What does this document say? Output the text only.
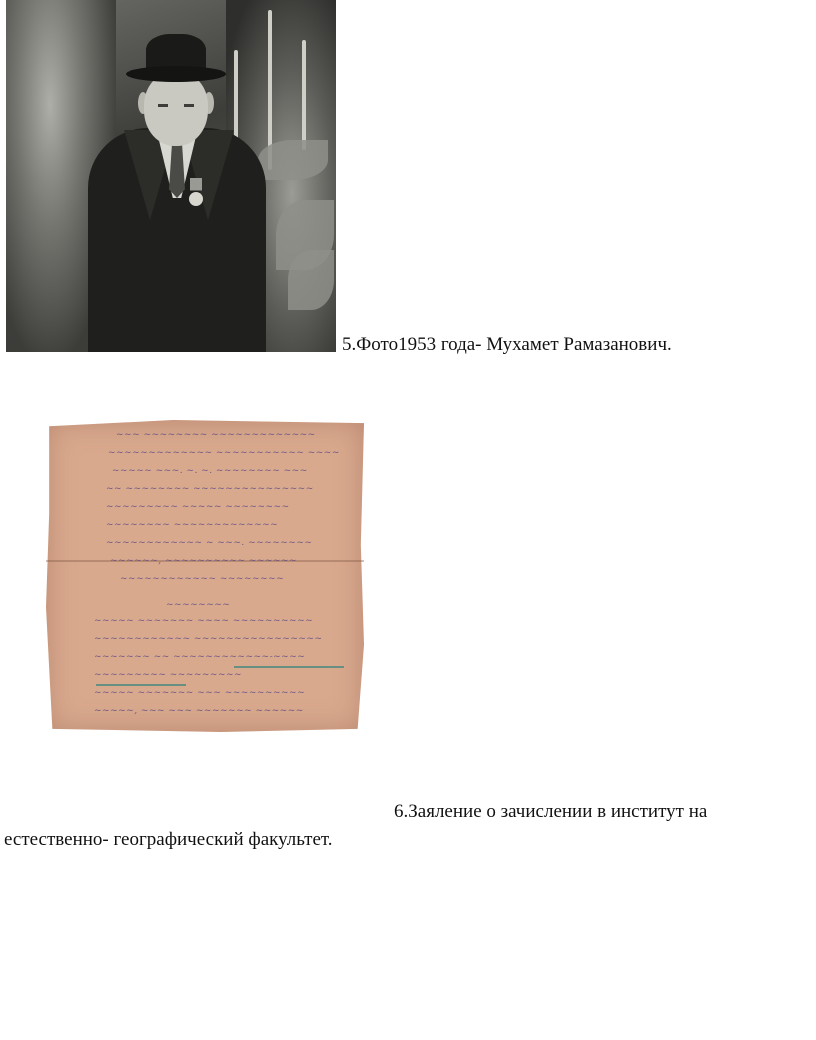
5.Фото1953 года- Мухамет Рамазанович.
~~~ ~~~~~~~~ ~~~~~~~~~~~~~
~~~~~~~~~~~~~ ~~~~~~~~~~~ ~~~~
~~~~~ ~~~. ~. ~. ~~~~~~~~ ~~~
~~ ~~~~~~~~ ~~~~~~~~~~~~~~~
~~~~~~~~~ ~~~~~ ~~~~~~~~
~~~~~~~~ ~~~~~~~~~~~~~
~~~~~~~~~~~~ ~ ~~~. ~~~~~~~~
~~~~~~, ~~~~~~~~~~ ~~~~~~
~~~~~~~~~~~~ ~~~~~~~~
~~~~~~~~
~~~~~ ~~~~~~~ ~~~~ ~~~~~~~~~~
~~~~~~~~~~~~ ~~~~~~~~~~~~~~~~
~~~~~~~ ~~ ~~~~~~~~~~~~-~~~~
~~~~~~~~~ ~~~~~~~~~
~~~~~ ~~~~~~~ ~~~ ~~~~~~~~~~
~~~~~, ~~~ ~~~ ~~~~~~~ ~~~~~~
6.Заяление о зачислении в институт на
естественно- географический факультет.
